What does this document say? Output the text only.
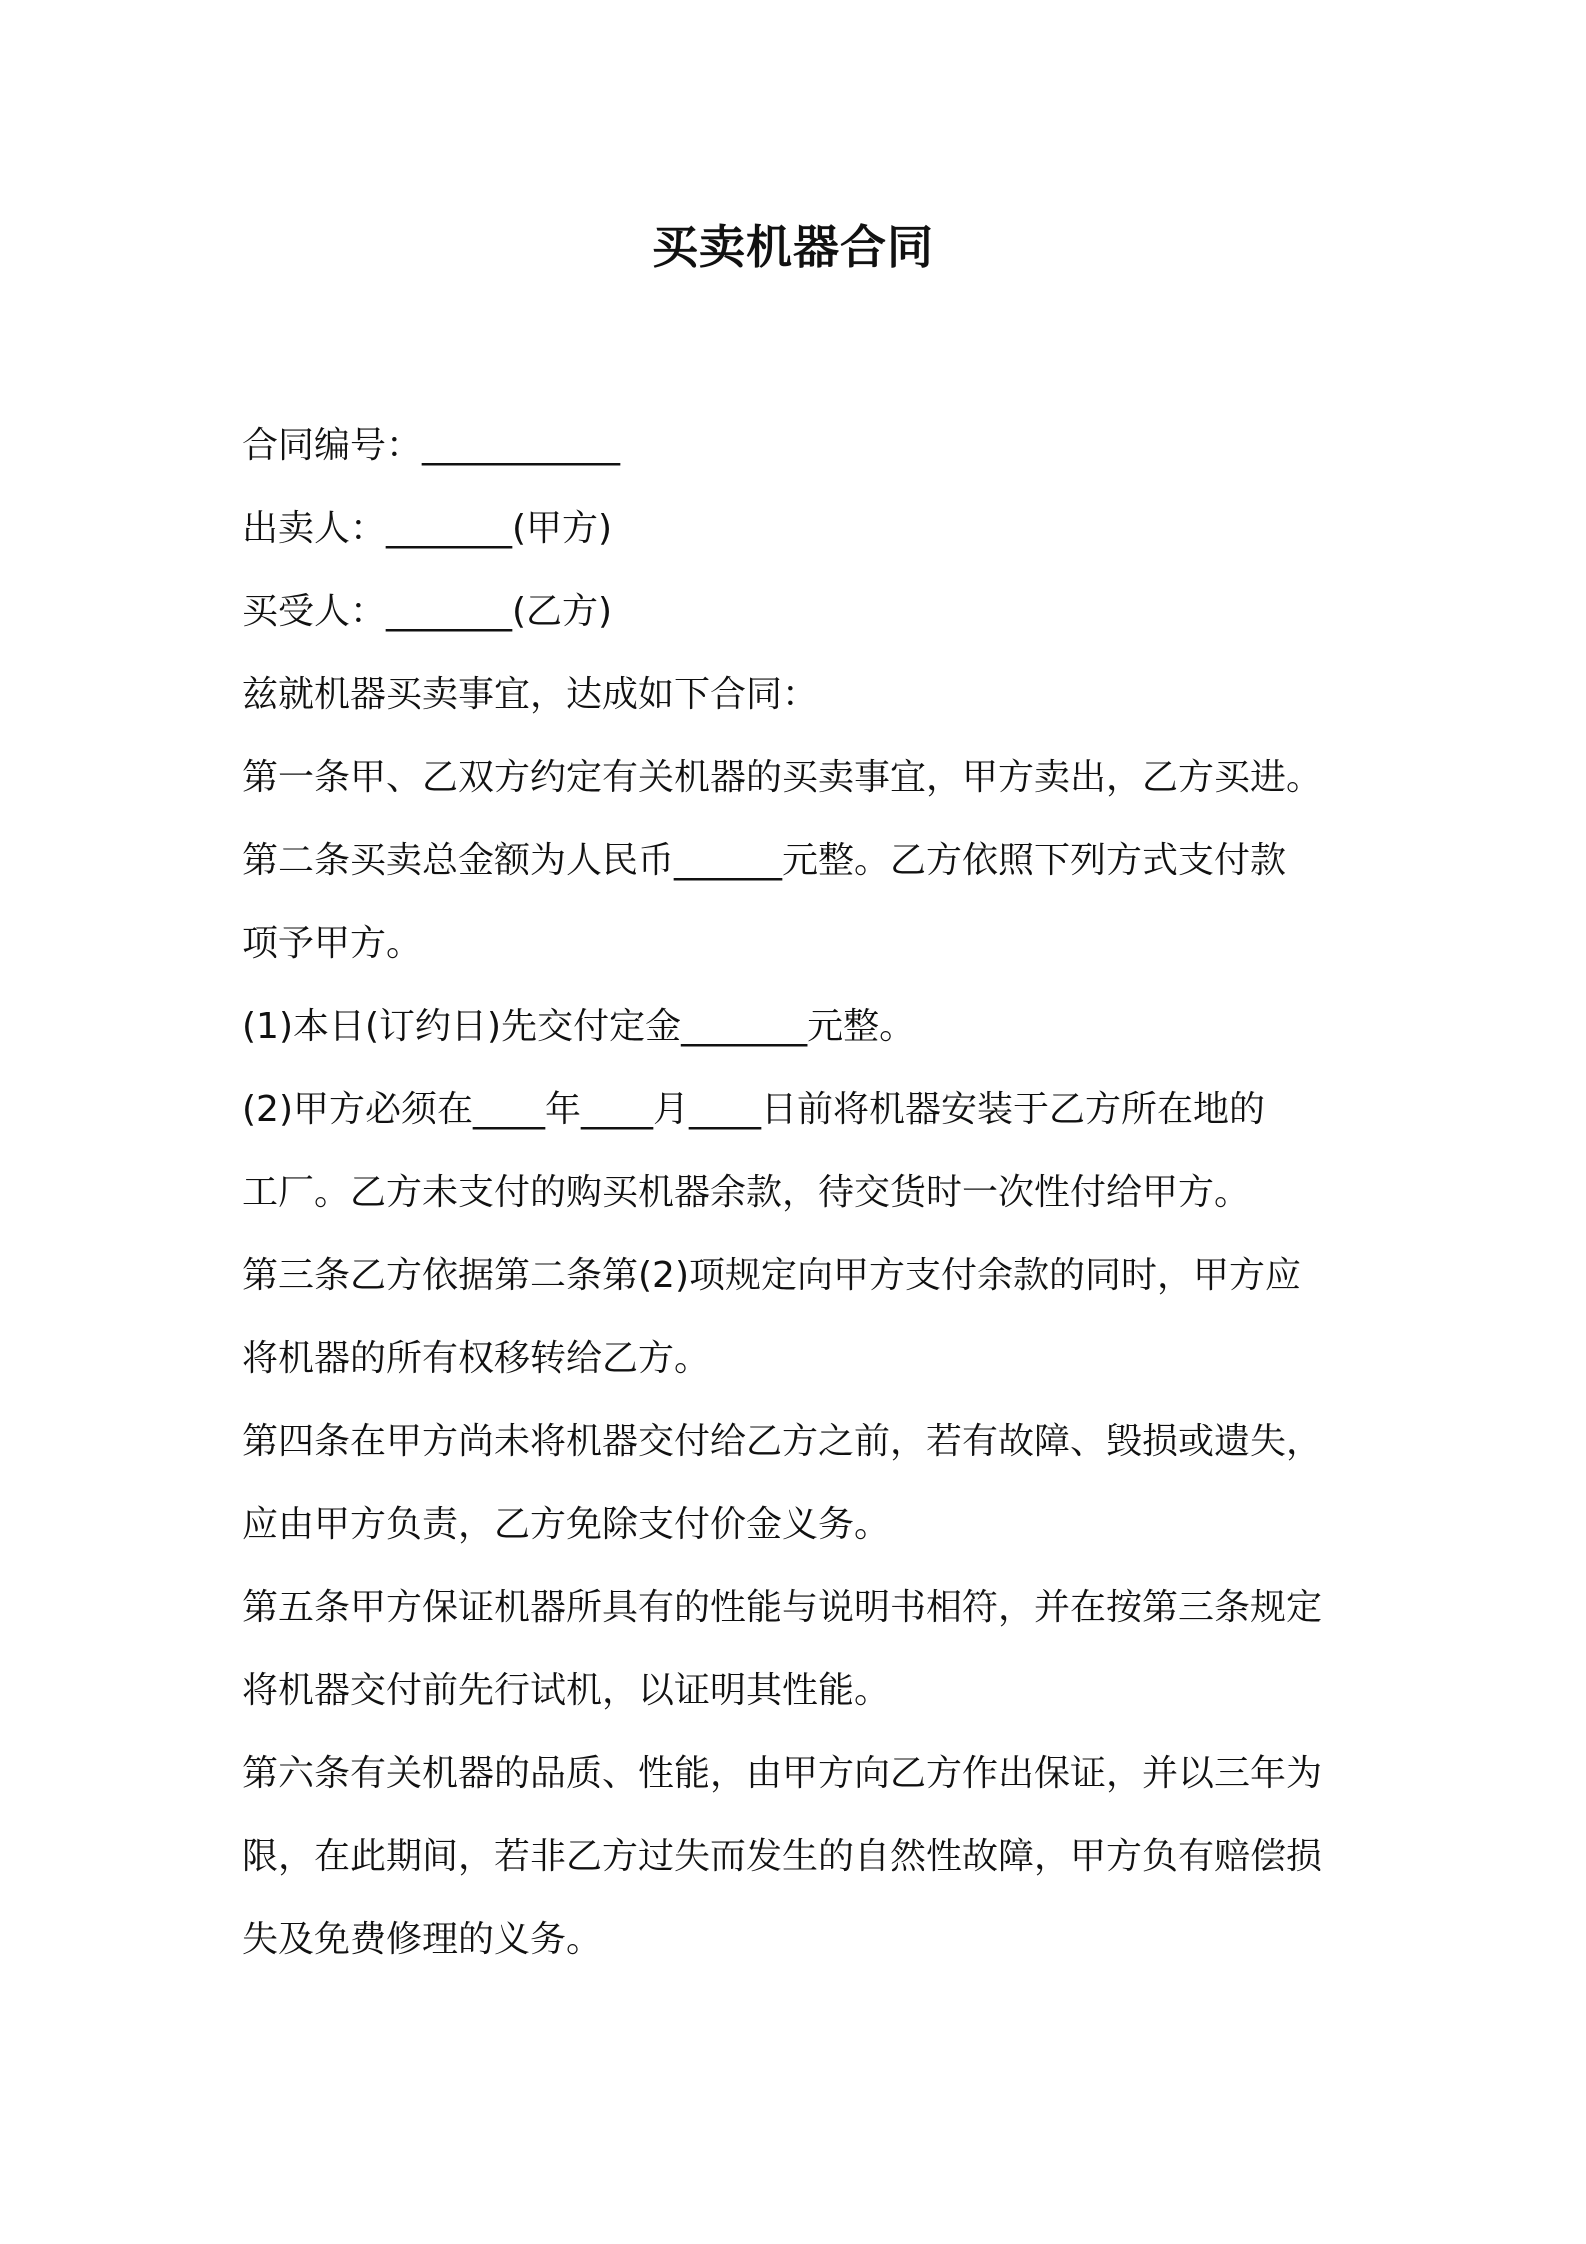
买卖机器合同

合同编号：___________

出卖人：_______(甲方)

买受人：_______(乙方)

兹就机器买卖事宜，达成如下合同：

第一条甲、乙双方约定有关机器的买卖事宜，甲方卖出，乙方买进。

第二条买卖总金额为人民币______元整。乙方依照下列方式支付款

项予甲方。

(1)本日(订约日)先交付定金_______元整。

(2)甲方必须在____年____月____日前将机器安装于乙方所在地的

工厂。乙方未支付的购买机器余款，待交货时一次性付给甲方。

第三条乙方依据第二条第(2)项规定向甲方支付余款的同时，甲方应

将机器的所有权移转给乙方。

第四条在甲方尚未将机器交付给乙方之前，若有故障、毁损或遗失，

应由甲方负责，乙方免除支付价金义务。

第五条甲方保证机器所具有的性能与说明书相符，并在按第三条规定

将机器交付前先行试机，以证明其性能。

第六条有关机器的品质、性能，由甲方向乙方作出保证，并以三年为

限，在此期间，若非乙方过失而发生的自然性故障，甲方负有赔偿损

失及免费修理的义务。
